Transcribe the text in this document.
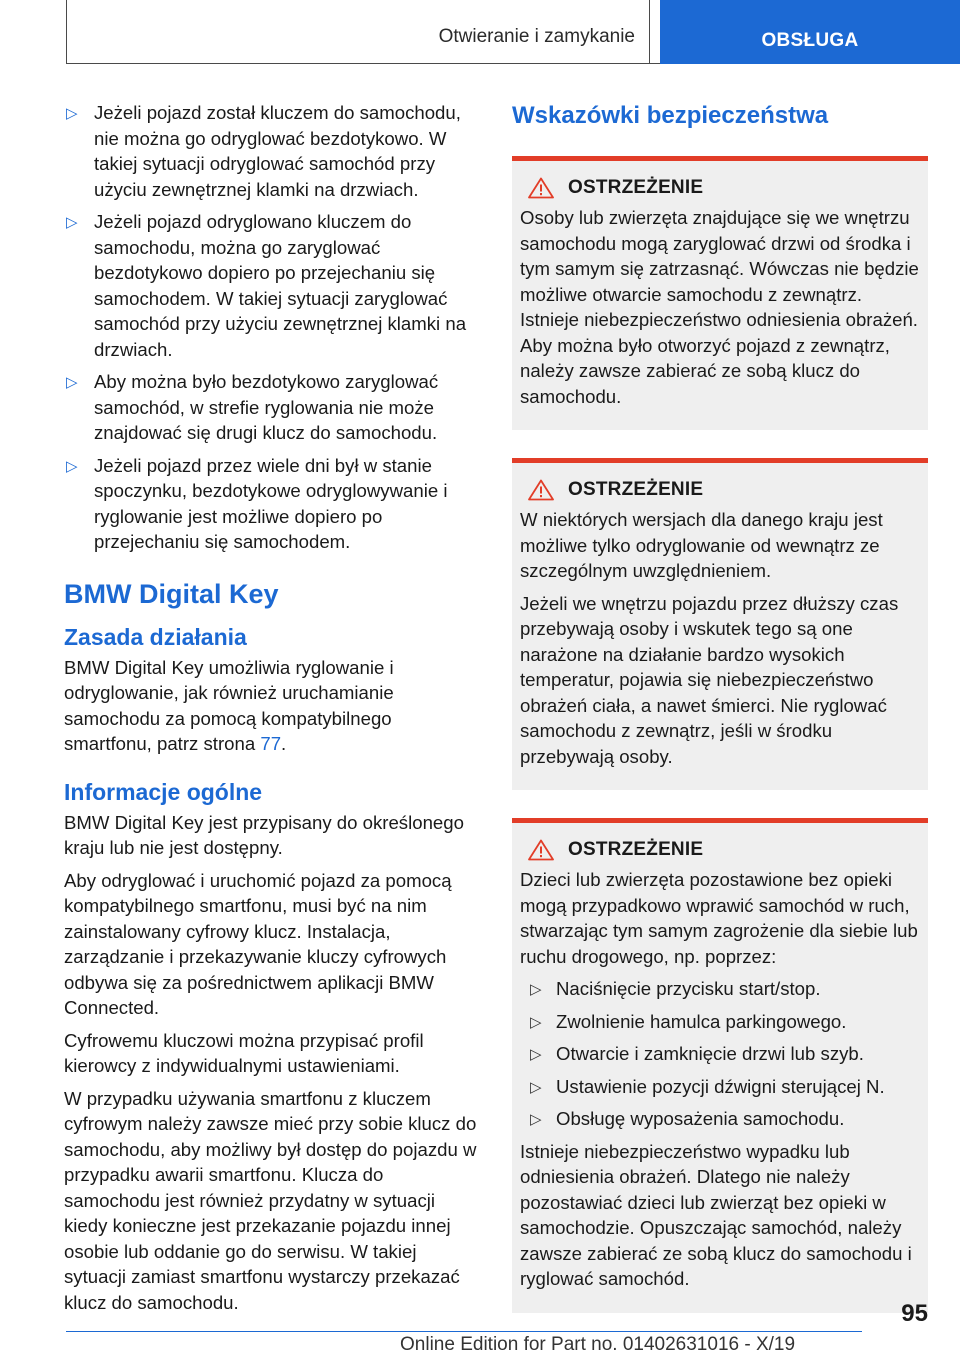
Otwieranie i zamykanie	OBSŁUGA
▷ Jeżeli pojazd został kluczem do samochodu, nie można go odryglować bezdotykowo. W takiej sytuacji odryglować samochód przy użyciu zewnętrznej klamki na drzwiach.
▷ Jeżeli pojazd odryglowano kluczem do samochodu, można go zaryglować bezdotykowo dopiero po przejechaniu się samochodem. W takiej sytuacji zaryglować samochód przy użyciu zewnętrznej klamki na drzwiach.
▷ Aby można było bezdotykowo zaryglować samochód, w strefie ryglowania nie może znajdować się drugi klucz do samochodu.
▷ Jeżeli pojazd przez wiele dni był w stanie spoczynku, bezdotykowe odryglowywanie i ryglowanie jest możliwe dopiero po przejechaniu się samochodem.
BMW Digital Key
Zasada działania

BMW Digital Key umożliwia ryglowanie i odryglowanie, jak również uruchamianie samochodu za pomocą kompatybilnego smartfonu, patrz strona 77.

Informacje ogólne

BMW Digital Key jest przypisany do określonego kraju lub nie jest dostępny.

Aby odryglować i uruchomić pojazd za pomocą kompatybilnego smartfonu, musi być na nim zainstalowany cyfrowy klucz. Instalacja, zarządzanie i przekazywanie kluczy cyfrowych odbywa się za pośrednictwem aplikacji BMW Connected.

Cyfrowemu kluczowi można przypisać profil kierowcy z indywidualnymi ustawieniami.

W przypadku używania smartfonu z kluczem cyfrowym należy zawsze mieć przy sobie klucz do samochodu, aby możliwy był dostęp do pojazdu w przypadku awarii smartfonu. Klucza do samochodu jest również przydatny w sytuacji kiedy konieczne jest przekazanie pojazdu innej osobie lub oddanie go do serwisu. W takiej sytuacji zamiast smartfonu wystarczy przekazać klucz do samochodu.

Wskazówki bezpieczeństwa
OSTRZEŻENIE

Osoby lub zwierzęta znajdujące się we wnętrzu samochodu mogą zaryglować drzwi od środka i tym samym się zatrzasnąć. Wówczas nie będzie możliwe otwarcie samochodu z zewnątrz. Istnieje niebezpieczeństwo odniesienia obrażeń. Aby można było otworzyć pojazd z zewnątrz, należy zawsze zabierać ze sobą klucz do samochodu.

OSTRZEŻENIE

W niektórych wersjach dla danego kraju jest możliwe tylko odryglowanie od wewnątrz ze szczególnym uwzględnieniem.

Jeżeli we wnętrzu pojazdu przez dłuższy czas przebywają osoby i wskutek tego są one narażone na działanie bardzo wysokich temperatur, pojawia się niebezpieczeństwo obrażeń ciała, a nawet śmierci. Nie ryglować samochodu z zewnątrz, jeśli w środku przebywają osoby.

OSTRZEŻENIE

Dzieci lub zwierzęta pozostawione bez opieki mogą przypadkowo wprawić samochód w ruch, stwarzając tym samym zagrożenie dla siebie lub ruchu drogowego, np. poprzez:

▷ Naciśnięcie przycisku start/stop.
▷ Zwolnienie hamulca parkingowego.
▷ Otwarcie i zamknięcie drzwi lub szyb.
▷ Ustawienie pozycji dźwigni sterującej N.
▷ Obsługę wyposażenia samochodu.

Istnieje niebezpieczeństwo wypadku lub odniesienia obrażeń. Dlatego nie należy pozostawiać dzieci lub zwierząt bez opieki w samochodzie. Opuszczając samochód, należy zawsze zabierać ze sobą klucz do samochodu i ryglować samochód.

95
Online Edition for Part no. 01402631016 - X/19
